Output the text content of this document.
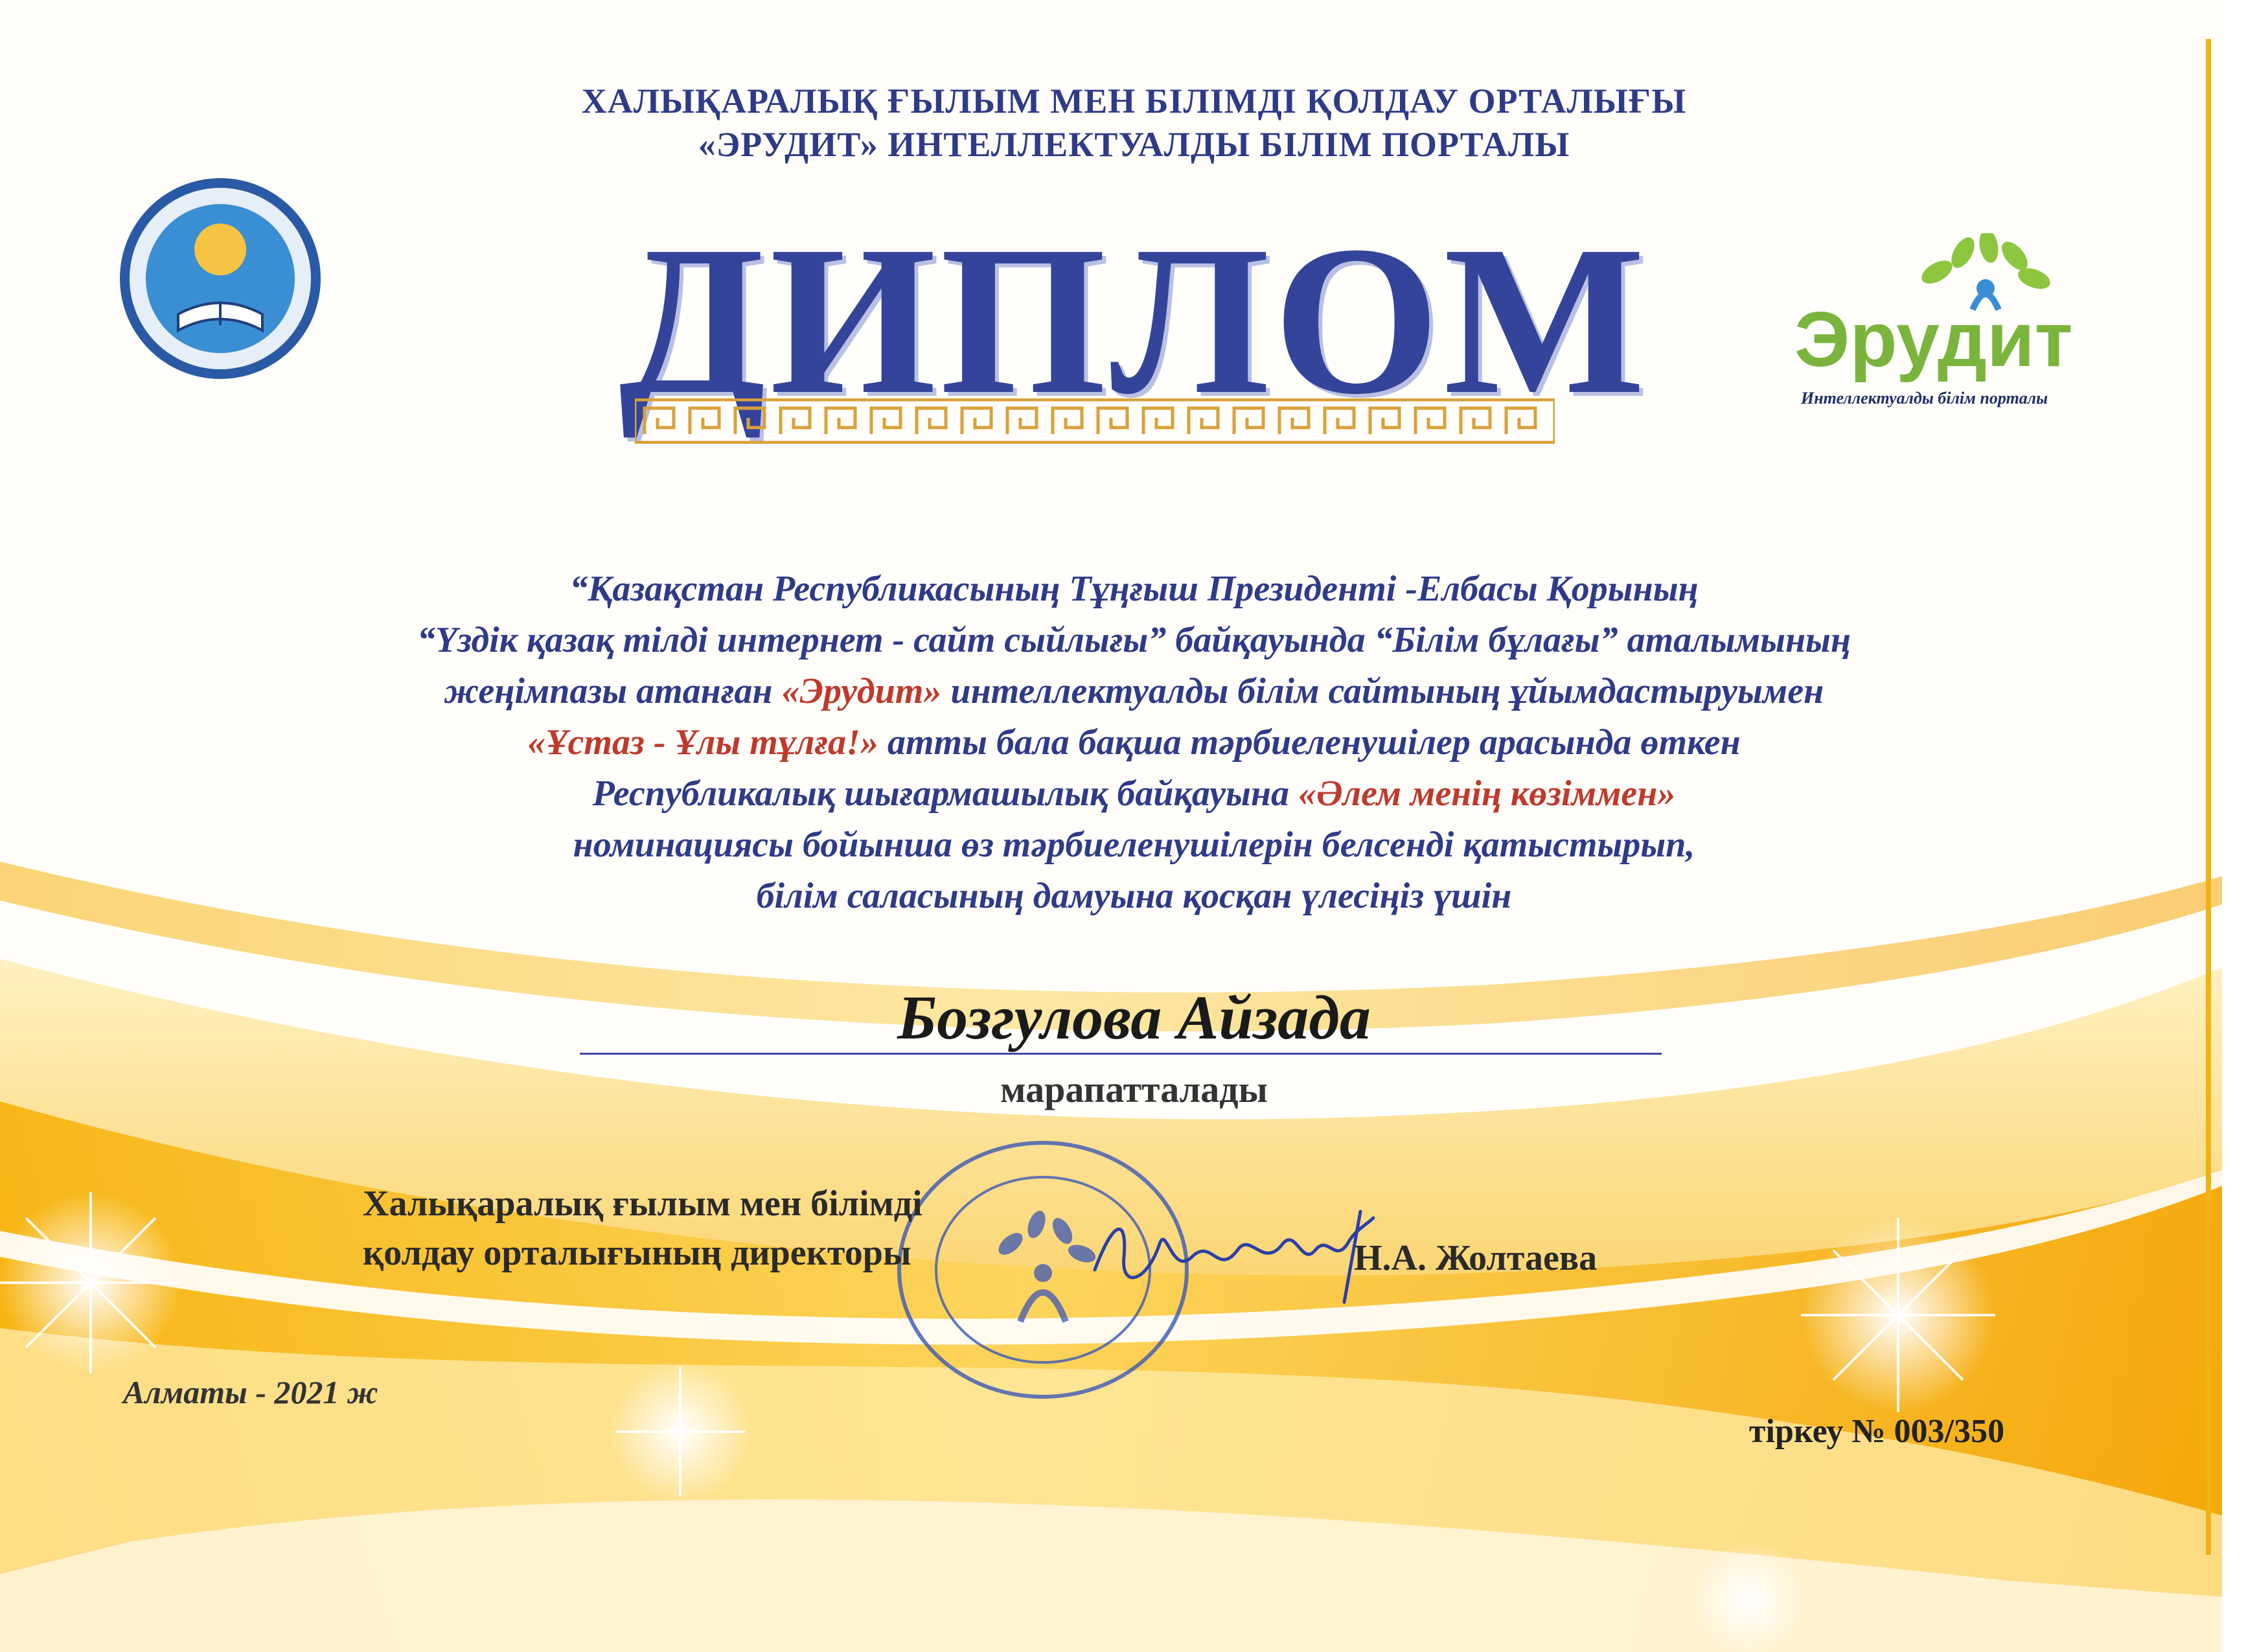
ХАЛЫҚАРАЛЫҚ ҒЫЛЫМ МЕН БІЛІМДІ ҚОЛДАУ ОРТАЛЫҒЫ
«ЭРУДИТ» ИНТЕЛЛЕКТУАЛДЫ БІЛІМ ПОРТАЛЫ
ДИПЛОМ	Эрудит
Интеллектуалды білім порталы
“Қазақстан Республикасының Тұңғыш Президенті -Елбасы Қорының
“Үздік қазақ тілді интернет - сайт сыйлығы” байқауында “Білім бұлағы” аталымының
жеңімпазы атанған «Эрудит» интеллектуалды білім сайтының ұйымдастыруымен
«Ұстаз - Ұлы тұлға!» атты бала бақша тәрбиеленушілер арасында өткен
Республикалық шығармашылық байқауына «Әлем менің көзіммен»
номинациясы бойынша өз тәрбиеленушілерін белсенді қатыстырып,
білім саласының дамуына қосқан үлесіңіз үшін
Бозгулова Айзада
марапатталады
Халықаралық ғылым мен білімді
қолдау орталығының директоры	Н.А. Жолтаева
Алматы - 2021 ж
тіркеу № 003/350
